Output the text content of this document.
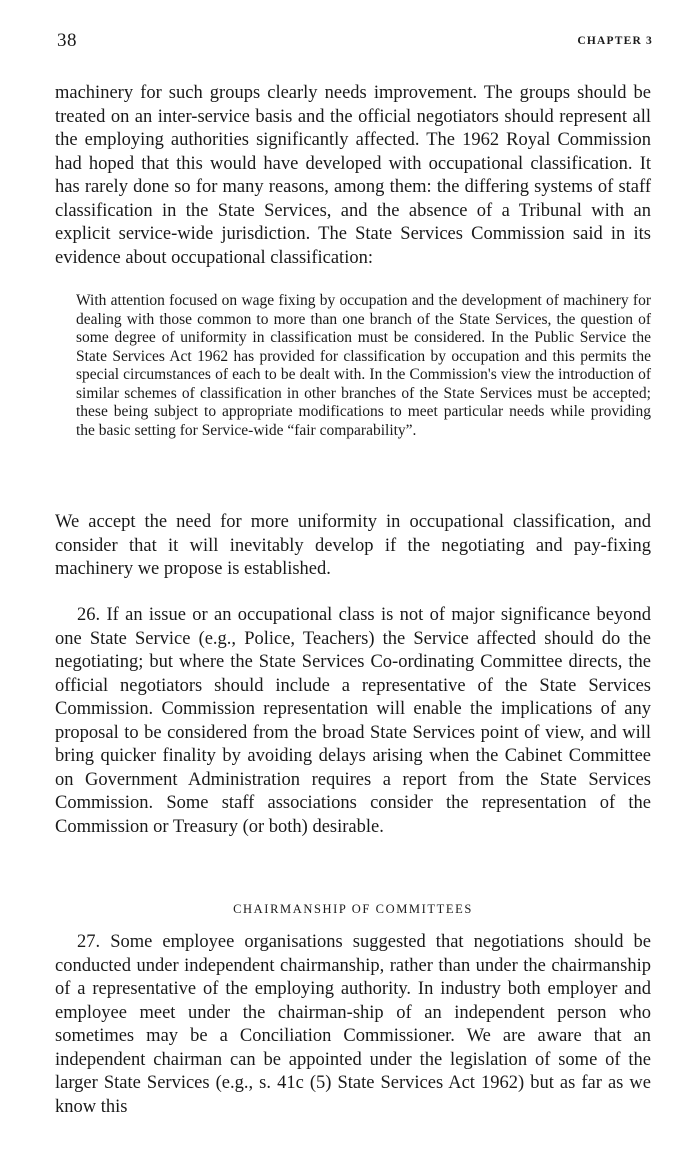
38	CHAPTER 3

machinery for such groups clearly needs improvement. The groups should be treated on an inter-service basis and the official negotiators should represent all the employing authorities significantly affected. The 1962 Royal Commission had hoped that this would have developed with occupational classification. It has rarely done so for many reasons, among them: the differing systems of staff classification in the State Services, and the absence of a Tribunal with an explicit service-wide jurisdiction. The State Services Commission said in its evidence about occupational classification:

With attention focused on wage fixing by occupation and the development of machinery for dealing with those common to more than one branch of the State Services, the question of some degree of uniformity in classification must be considered. In the Public Service the State Services Act 1962 has provided for classification by occupation and this permits the special circumstances of each to be dealt with. In the Commission's view the introduction of similar schemes of classification in other branches of the State Services must be accepted; these being subject to appropriate modifications to meet particular needs while providing the basic setting for Service-wide “fair comparability”.

We accept the need for more uniformity in occupational classification, and consider that it will inevitably develop if the negotiating and pay-fixing machinery we propose is established.

26. If an issue or an occupational class is not of major significance beyond one State Service (e.g., Police, Teachers) the Service affected should do the negotiating; but where the State Services Co-ordinating Committee directs, the official negotiators should include a representative of the State Services Commission. Commission representation will enable the implications of any proposal to be considered from the broad State Services point of view, and will bring quicker finality by avoiding delays arising when the Cabinet Committee on Government Administration requires a report from the State Services Commission. Some staff associations consider the representation of the Commission or Treasury (or both) desirable.

CHAIRMANSHIP OF COMMITTEES

27. Some employee organisations suggested that negotiations should be conducted under independent chairmanship, rather than under the chairmanship of a representative of the employing authority. In industry both employer and employee meet under the chairman-ship of an independent person who sometimes may be a Conciliation Commissioner. We are aware that an independent chairman can be appointed under the legislation of some of the larger State Services (e.g., s. 41c (5) State Services Act 1962) but as far as we know this
